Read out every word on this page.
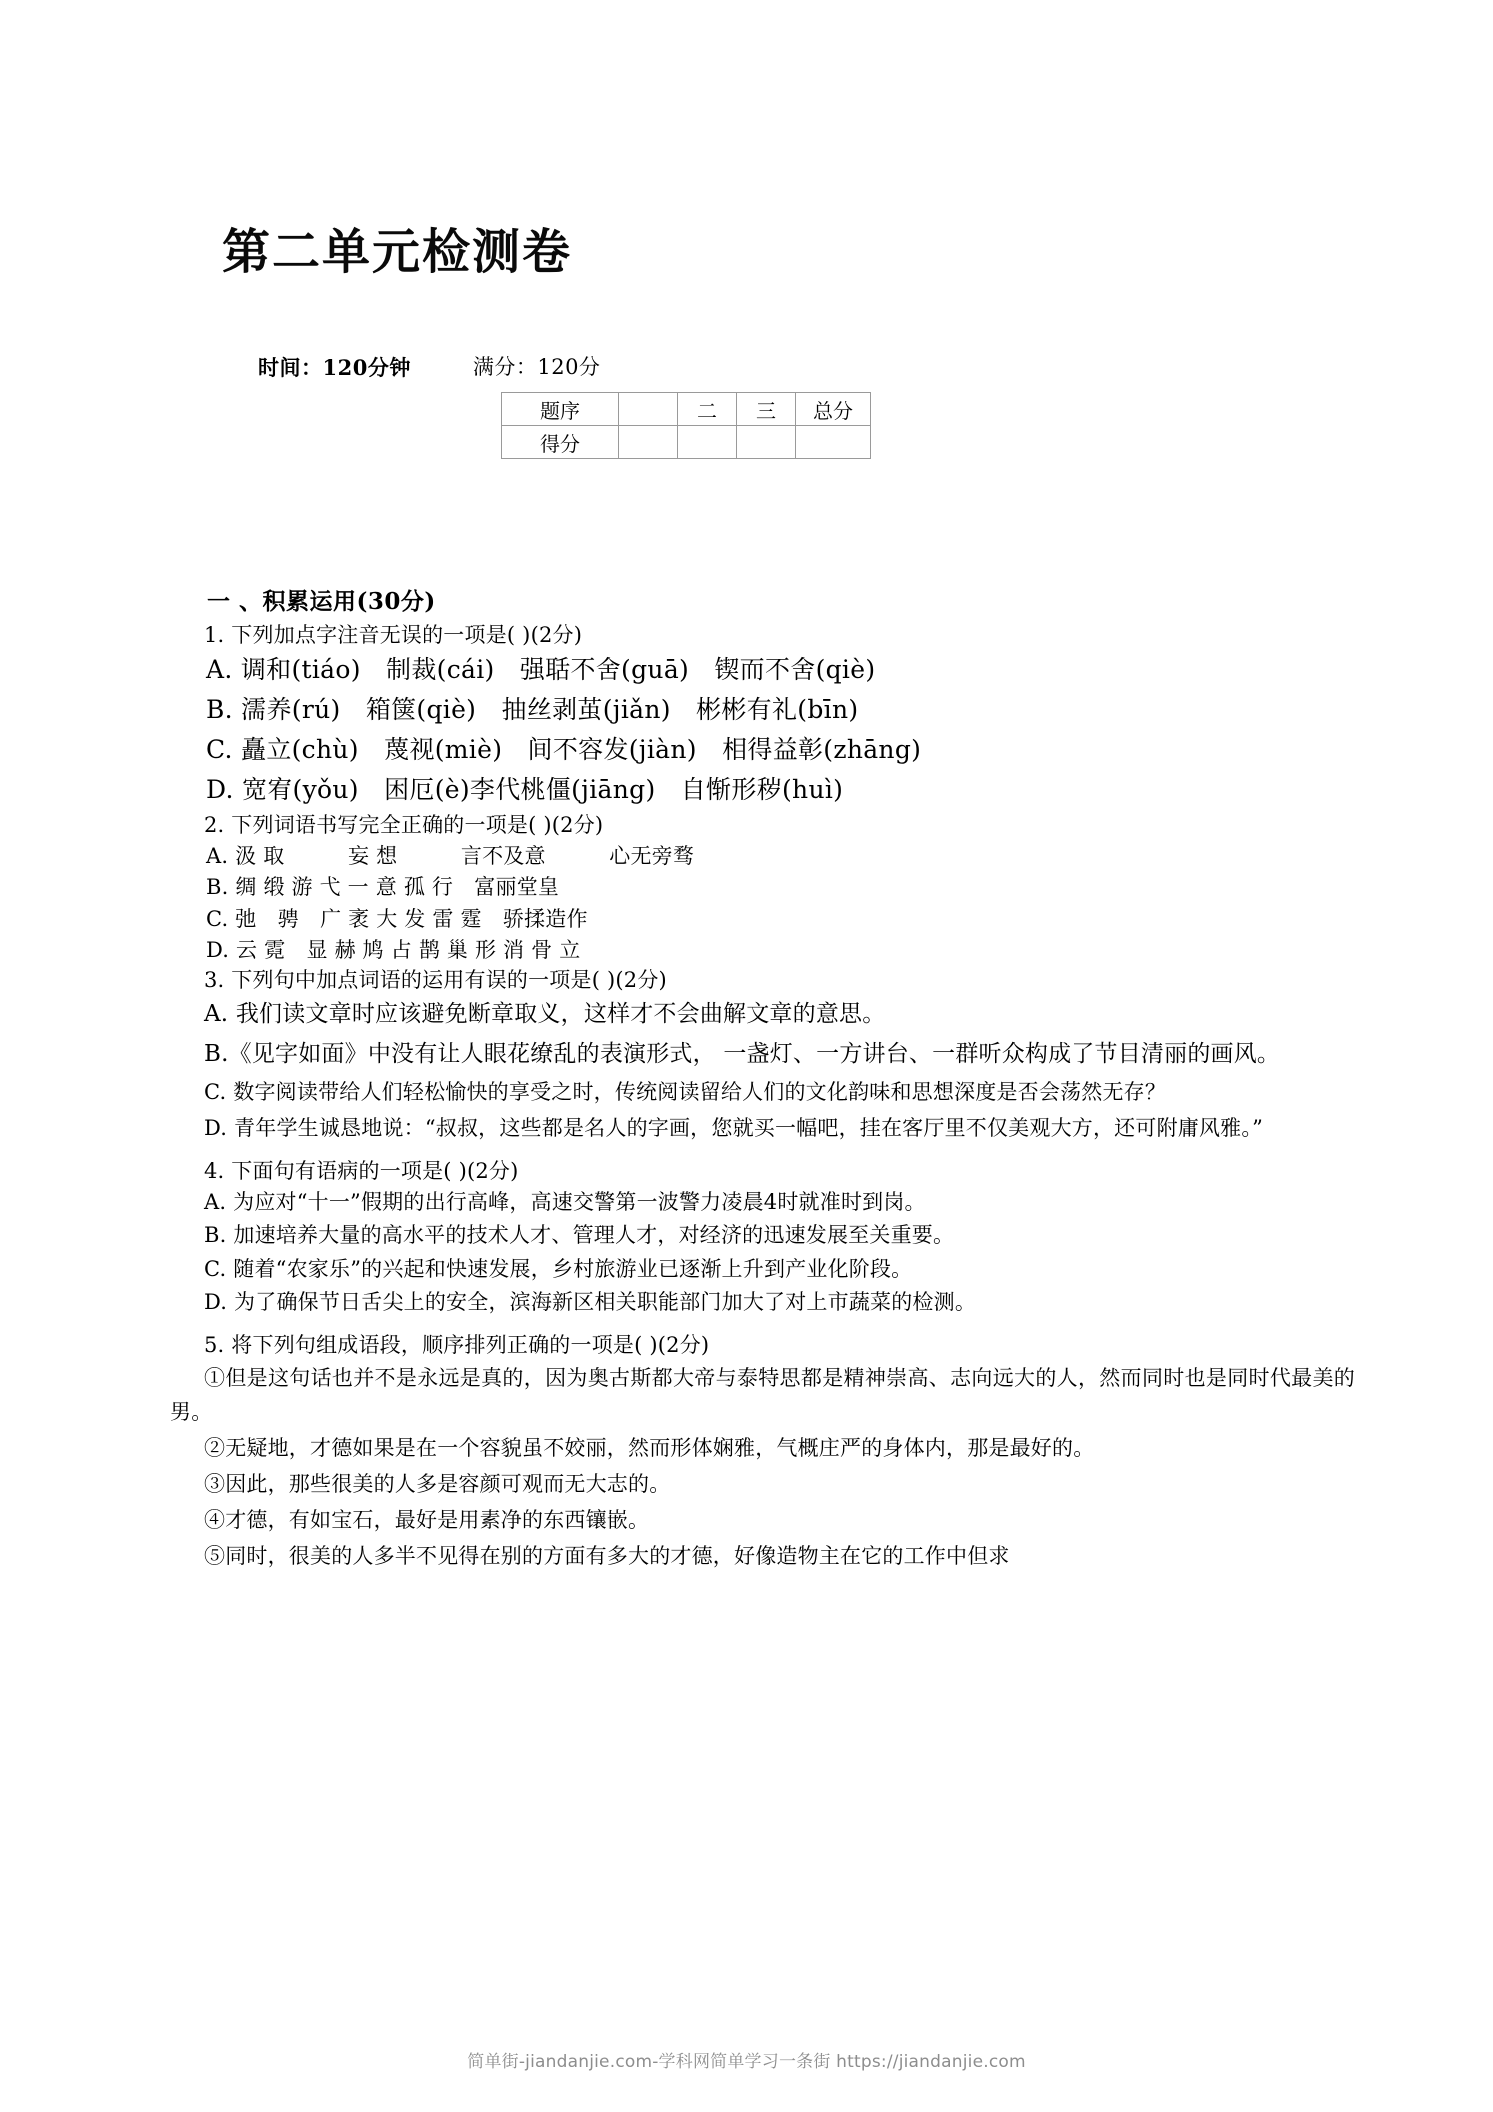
第二单元检测卷
时间：120分钟	满分：120分
题序		二	三	总分
得分				
一 、积累运用(30分)
1. 下列加点字注音无误的一项是( )(2分)
A. 调和(tiáo)　制裁(cái)　强聒不舍(guā)　锲而不舍(qiè)
B. 濡养(rú)　箱箧(qiè)　抽丝剥茧(jiǎn)　彬彬有礼(bīn)
C. 矗立(chù)　蔑视(miè)　间不容发(jiàn)　相得益彰(zhāng)
D. 宽宥(yǒu)　困厄(è)李代桃僵(jiāng)　自惭形秽(huì)
2. 下列词语书写完全正确的一项是( )(2分)
A. 汲 取　　　妄 想　　　言不及意　　　心无旁骛
B. 绸 缎 游 弋 一 意 孤 行　富丽堂皇
C. 弛　骋　广 袤 大 发 雷 霆　骄揉造作
D. 云 霓　显 赫 鸠 占 鹊 巢 形 消 骨 立
3. 下列句中加点词语的运用有误的一项是( )(2分)
A. 我们读文章时应该避免断章取义，这样才不会曲解文章的意思。
B.《见字如面》中没有让人眼花缭乱的表演形式， 一盏灯、一方讲台、一群听众构成了节目清丽的画风。
C. 数字阅读带给人们轻松愉快的享受之时，传统阅读留给人们的文化韵味和思想深度是否会荡然无存？
D. 青年学生诚恳地说：“叔叔，这些都是名人的字画，您就买一幅吧，挂在客厅里不仅美观大方，还可附庸风雅。”
4. 下面句有语病的一项是( )(2分)
A. 为应对“十一”假期的出行高峰，高速交警第一波警力凌晨4时就准时到岗。
B. 加速培养大量的高水平的技术人才、管理人才，对经济的迅速发展至关重要。
C. 随着“农家乐”的兴起和快速发展，乡村旅游业已逐渐上升到产业化阶段。
D. 为了确保节日舌尖上的安全，滨海新区相关职能部门加大了对上市蔬菜的检测。
5. 将下列句组成语段，顺序排列正确的一项是( )(2分)
①但是这句话也并不是永远是真的，因为奥古斯都大帝与泰特思都是精神崇高、志向远大的人，然而同时也是同时代最美的男。
②无疑地，才德如果是在一个容貌虽不姣丽，然而形体娴雅，气概庄严的身体内，那是最好的。
③因此，那些很美的人多是容颜可观而无大志的。
④才德，有如宝石，最好是用素净的东西镶嵌。
⑤同时，很美的人多半不见得在别的方面有多大的才德，好像造物主在它的工作中但求
简单街-jiandanjie.com-学科网简单学习一条街 https://jiandanjie.com
